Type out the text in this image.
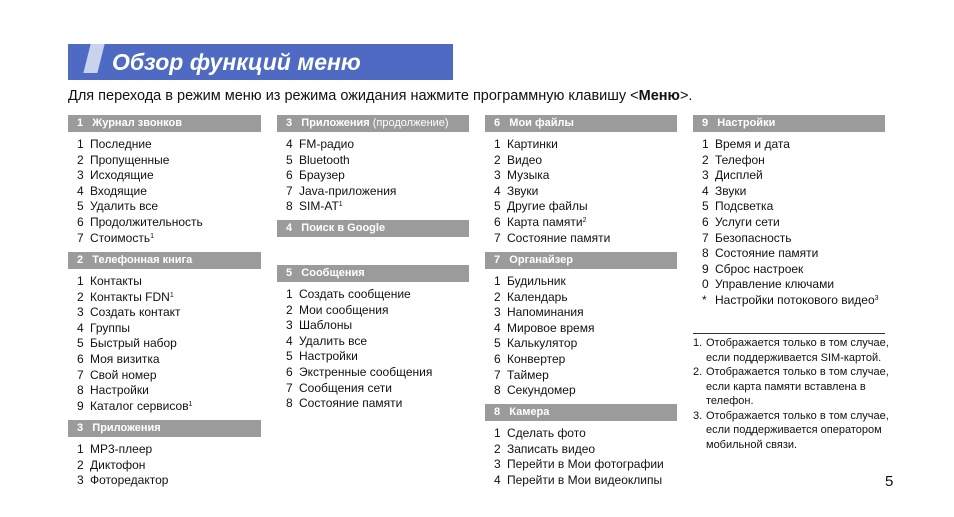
Обзор функций меню
Для перехода в режим меню из режима ожидания нажмите программную клавишу <Меню>.
1 Журнал звонков
1 Последние
2 Пропущенные
3 Исходящие
4 Входящие
5 Удалить все
6 Продолжительность
7 Стоимость$^1$
2 Телефонная книга
1 Контакты
2 Контакты FDN$^1$
3 Создать контакт
4 Группы
5 Быстрый набор
6 Моя визитка
7 Свой номер
8 Настройки
9 Каталог сервисов$^1$
3 Приложения
1 MP3-плеер
2 Диктофон
3 Фоторедактор
3 Приложения (продолжение)
4 FM-радио
5 Bluetooth
6 Браузер
7 Java-приложения
8 SIM-$AT^1$
4 Поиск в Google
5 Сообщения
1 Создать сообщение
2 Мои сообщения
3 Шаблоны
4 Удалить все
5 Настройки
6 Экстренные сообщения
7 Сообщения сети
8 Состояние памяти
6 Мои файлы
1 Картинки
2 Видео
3 Музыка
4 Звуки
5 Другие файлы
6 Карта памяти$^2$
7 Состояние памяти
7 Органайзер
1 Будильник
2 Календарь
3 Напоминания
4 Мировое время
5 Калькулятор
6 Конвертер
7 Таймер
8 Секундомер
8 Камера
1 Сделать фото
2 Записать видео
3 Перейти в Мои фотографии
4 Перейти в Мои видеоклипы
9 Настройки
1 Время и дата
2 Телефон
3 Дисплей
4 Звуки
5 Подсветка
6 Услуги сети
7 Безопасность
8 Состояние памяти
9 Сброс настроек
0 Управление ключами
* Настройки потокового видео$^3$
1. Отображается только в том случае, если поддерживается SIM-картой.
2. Отображается только в том случае, если карта памяти вставлена в телефон.
3. Отображается только в том случае, если поддерживается оператором мобильной связи.
5
